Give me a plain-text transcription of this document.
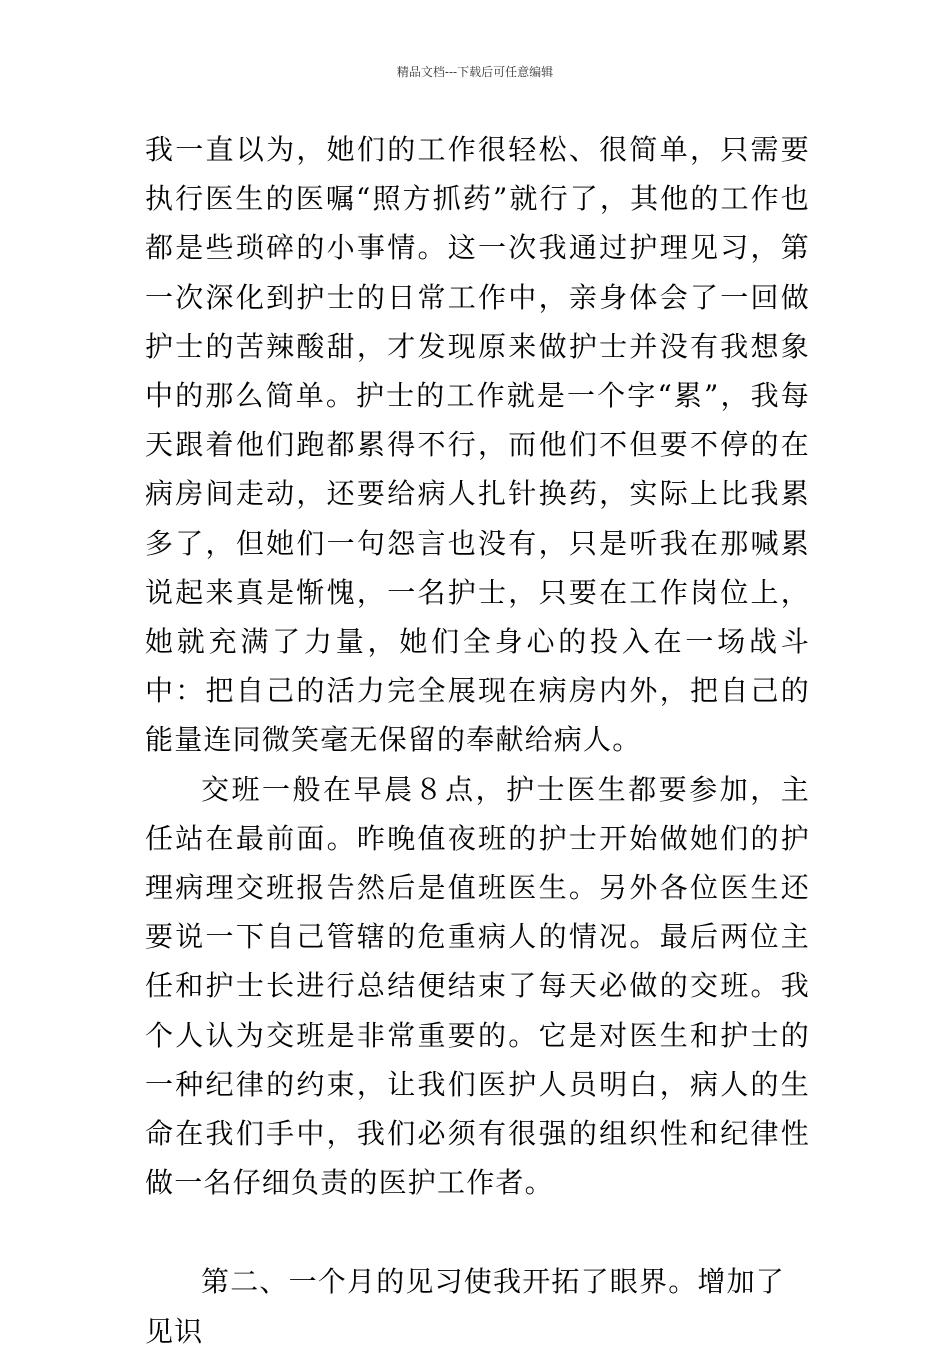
精品文档---下载后可任意编辑

我一直以为，她们的工作很轻松、很简单，只需要执行医生的医嘱“照方抓药”就行了，其他的工作也都是些琐碎的小事情。这一次我通过护理见习，第一次深化到护士的日常工作中，亲身体会了一回做护士的苦辣酸甜，才发现原来做护士并没有我想象中的那么简单。护士的工作就是一个字“累”，我每天跟着他们跑都累得不行，而他们不但要不停的在病房间走动，还要给病人扎针换药，实际上比我累多了，但她们一句怨言也没有，只是听我在那喊累说起来真是惭愧，一名护士，只要在工作岗位上，她就充满了力量，她们全身心的投入在一场战斗中：把自己的活力完全展现在病房内外，把自己的能量连同微笑毫无保留的奉献给病人。

交班一般在早晨８点，护士医生都要参加，主任站在最前面。昨晚值夜班的护士开始做她们的护理病理交班报告然后是值班医生。另外各位医生还要说一下自己管辖的危重病人的情况。最后两位主任和护士长进行总结便结束了每天必做的交班。我个人认为交班是非常重要的。它是对医生和护士的一种纪律的约束，让我们医护人员明白，病人的生命在我们手中，我们必须有很强的组织性和纪律性做一名仔细负责的医护工作者。

第二、一个月的见习使我开拓了眼界。增加了见识
